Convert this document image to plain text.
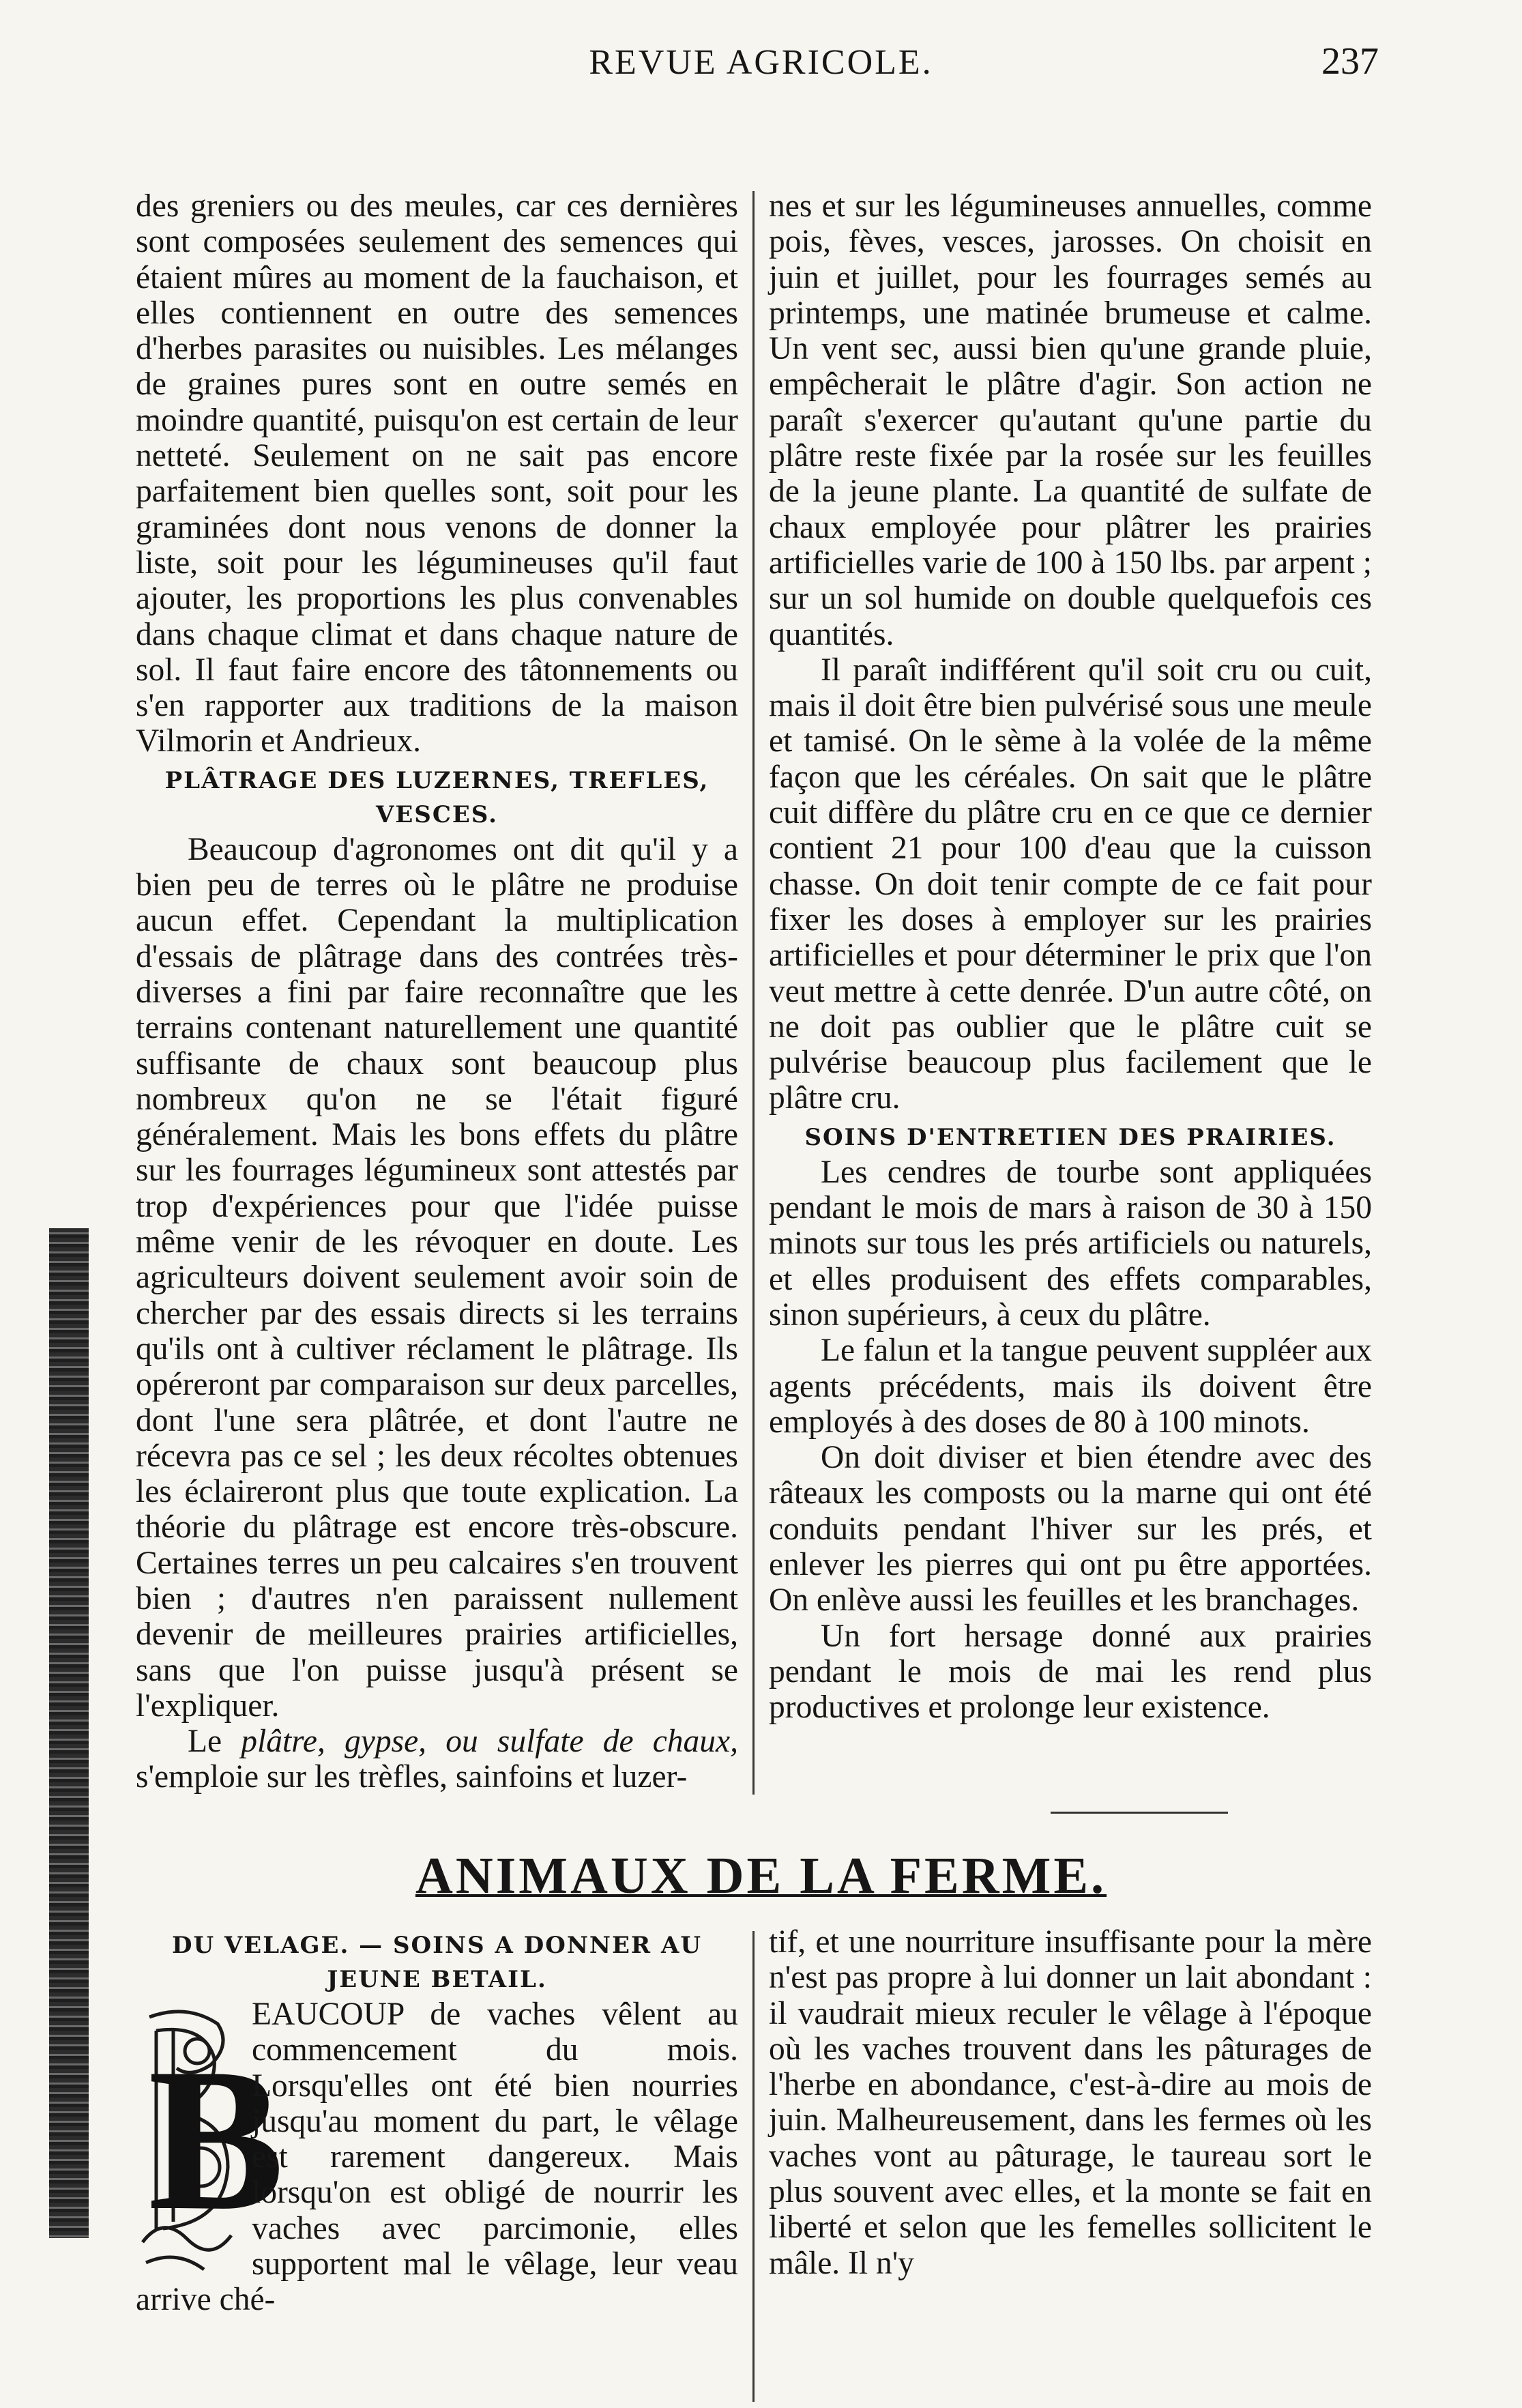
REVUE AGRICOLE.	237

des greniers ou des meules, car ces dernières sont composées seulement des semences qui étaient mûres au moment de la fauchaison, et elles contiennent en outre des semences d'herbes parasites ou nuisibles. Les mélanges de graines pures sont en outre semés en moindre quantité, puisqu'on est certain de leur netteté. Seulement on ne sait pas encore parfaitement bien quelles sont, soit pour les graminées dont nous venons de donner la liste, soit pour les légumineuses qu'il faut ajouter, les proportions les plus convenables dans chaque climat et dans chaque nature de sol. Il faut faire encore des tâtonnements ou s'en rapporter aux traditions de la maison Vilmorin et Andrieux.

PLÂTRAGE DES LUZERNES, TREFLES, VESCES.

Beaucoup d'agronomes ont dit qu'il y a bien peu de terres où le plâtre ne produise aucun effet. Cependant la multiplication d'essais de plâtrage dans des contrées très-diverses a fini par faire reconnaître que les terrains contenant naturellement une quantité suffisante de chaux sont beaucoup plus nombreux qu'on ne se l'était figuré généralement. Mais les bons effets du plâtre sur les fourrages légumineux sont attestés par trop d'expériences pour que l'idée puisse même venir de les révoquer en doute. Les agriculteurs doivent seulement avoir soin de chercher par des essais directs si les terrains qu'ils ont à cultiver réclament le plâtrage. Ils opéreront par comparaison sur deux parcelles, dont l'une sera plâtrée, et dont l'autre ne récevra pas ce sel ; les deux récoltes obtenues les éclaireront plus que toute explication. La théorie du plâtrage est encore très-obscure. Certaines terres un peu calcaires s'en trouvent bien ; d'autres n'en paraissent nullement devenir de meilleures prairies artificielles, sans que l'on puisse jusqu'à présent se l'expliquer.

Le plâtre, gypse, ou sulfate de chaux, s'emploie sur les trèfles, sainfoins et luzer-

nes et sur les légumineuses annuelles, comme pois, fèves, vesces, jarosses. On choisit en juin et juillet, pour les fourrages semés au printemps, une matinée brumeuse et calme. Un vent sec, aussi bien qu'une grande pluie, empêcherait le plâtre d'agir. Son action ne paraît s'exercer qu'autant qu'une partie du plâtre reste fixée par la rosée sur les feuilles de la jeune plante. La quantité de sulfate de chaux employée pour plâtrer les prairies artificielles varie de 100 à 150 lbs. par arpent ; sur un sol humide on double quelquefois ces quantités.

Il paraît indifférent qu'il soit cru ou cuit, mais il doit être bien pulvérisé sous une meule et tamisé. On le sème à la volée de la même façon que les céréales. On sait que le plâtre cuit diffère du plâtre cru en ce que ce dernier contient 21 pour 100 d'eau que la cuisson chasse. On doit tenir compte de ce fait pour fixer les doses à employer sur les prairies artificielles et pour déterminer le prix que l'on veut mettre à cette denrée. D'un autre côté, on ne doit pas oublier que le plâtre cuit se pulvérise beaucoup plus facilement que le plâtre cru.

SOINS D'ENTRETIEN DES PRAIRIES.

Les cendres de tourbe sont appliquées pendant le mois de mars à raison de 30 à 150 minots sur tous les prés artificiels ou naturels, et elles produisent des effets comparables, sinon supérieurs, à ceux du plâtre.

Le falun et la tangue peuvent suppléer aux agents précédents, mais ils doivent être employés à des doses de 80 à 100 minots.

On doit diviser et bien étendre avec des râteaux les composts ou la marne qui ont été conduits pendant l'hiver sur les prés, et enlever les pierres qui ont pu être apportées. On enlève aussi les feuilles et les branchages.

Un fort hersage donné aux prairies pendant le mois de mai les rend plus productives et prolonge leur existence.

ANIMAUX DE LA FERME.
DU VELAGE. — SOINS A DONNER AU JEUNE BETAIL.
B

EAUCOUP de vaches vêlent au commencement du mois. Lorsqu'elles ont été bien nourries jusqu'au moment du part, le vêlage est rarement dangereux. Mais lorsqu'on est obligé de nourrir les vaches avec parcimonie, elles supportent mal le vêlage, leur veau arrive ché-

tif, et une nourriture insuffisante pour la mère n'est pas propre à lui donner un lait abondant : il vaudrait mieux reculer le vêlage à l'époque où les vaches trouvent dans les pâturages de l'herbe en abondance, c'est-à-dire au mois de juin. Malheureusement, dans les fermes où les vaches vont au pâturage, le taureau sort le plus souvent avec elles, et la monte se fait en liberté et selon que les femelles sollicitent le mâle. Il n'y
